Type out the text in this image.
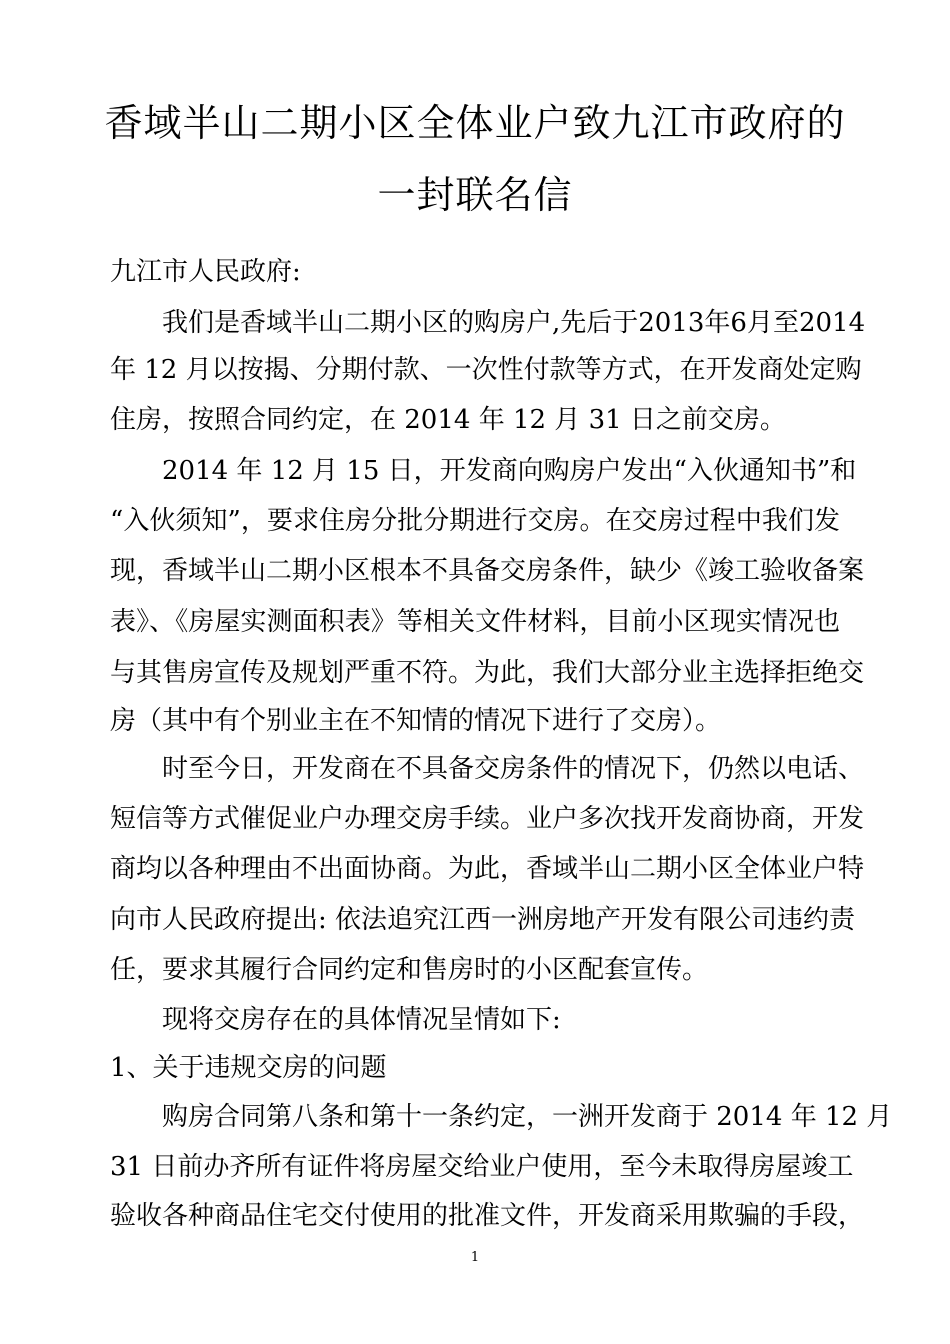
香域半山二期小区全体业户致九江市政府的
一封联名信
九江市人民政府:
我们是香域半山二期小区的购房户,先后于2013年6月至2014
年 12 月以按揭、分期付款、一次性付款等方式，在开发商处定购
住房，按照合同约定，在 2014 年 12 月 31 日之前交房。
2014 年 12 月 15 日，开发商向购房户发出“入伙通知书”和
“入伙须知”，要求住房分批分期进行交房。在交房过程中我们发
现，香域半山二期小区根本不具备交房条件，缺少《竣工验收备案
表》、《房屋实测面积表》等相关文件材料，目前小区现实情况也
与其售房宣传及规划严重不符。为此，我们大部分业主选择拒绝交
房（其中有个别业主在不知情的情况下进行了交房）。
时至今日，开发商在不具备交房条件的情况下，仍然以电话、
短信等方式催促业户办理交房手续。业户多次找开发商协商，开发
商均以各种理由不出面协商。为此，香域半山二期小区全体业户特
向市人民政府提出: 依法追究江西一洲房地产开发有限公司违约责
任，要求其履行合同约定和售房时的小区配套宣传。
现将交房存在的具体情况呈情如下:
1、关于违规交房的问题
购房合同第八条和第十一条约定，一洲开发商于 2014 年 12 月
31 日前办齐所有证件将房屋交给业户使用，至今未取得房屋竣工
验收各种商品住宅交付使用的批准文件，开发商采用欺骗的手段，
1
